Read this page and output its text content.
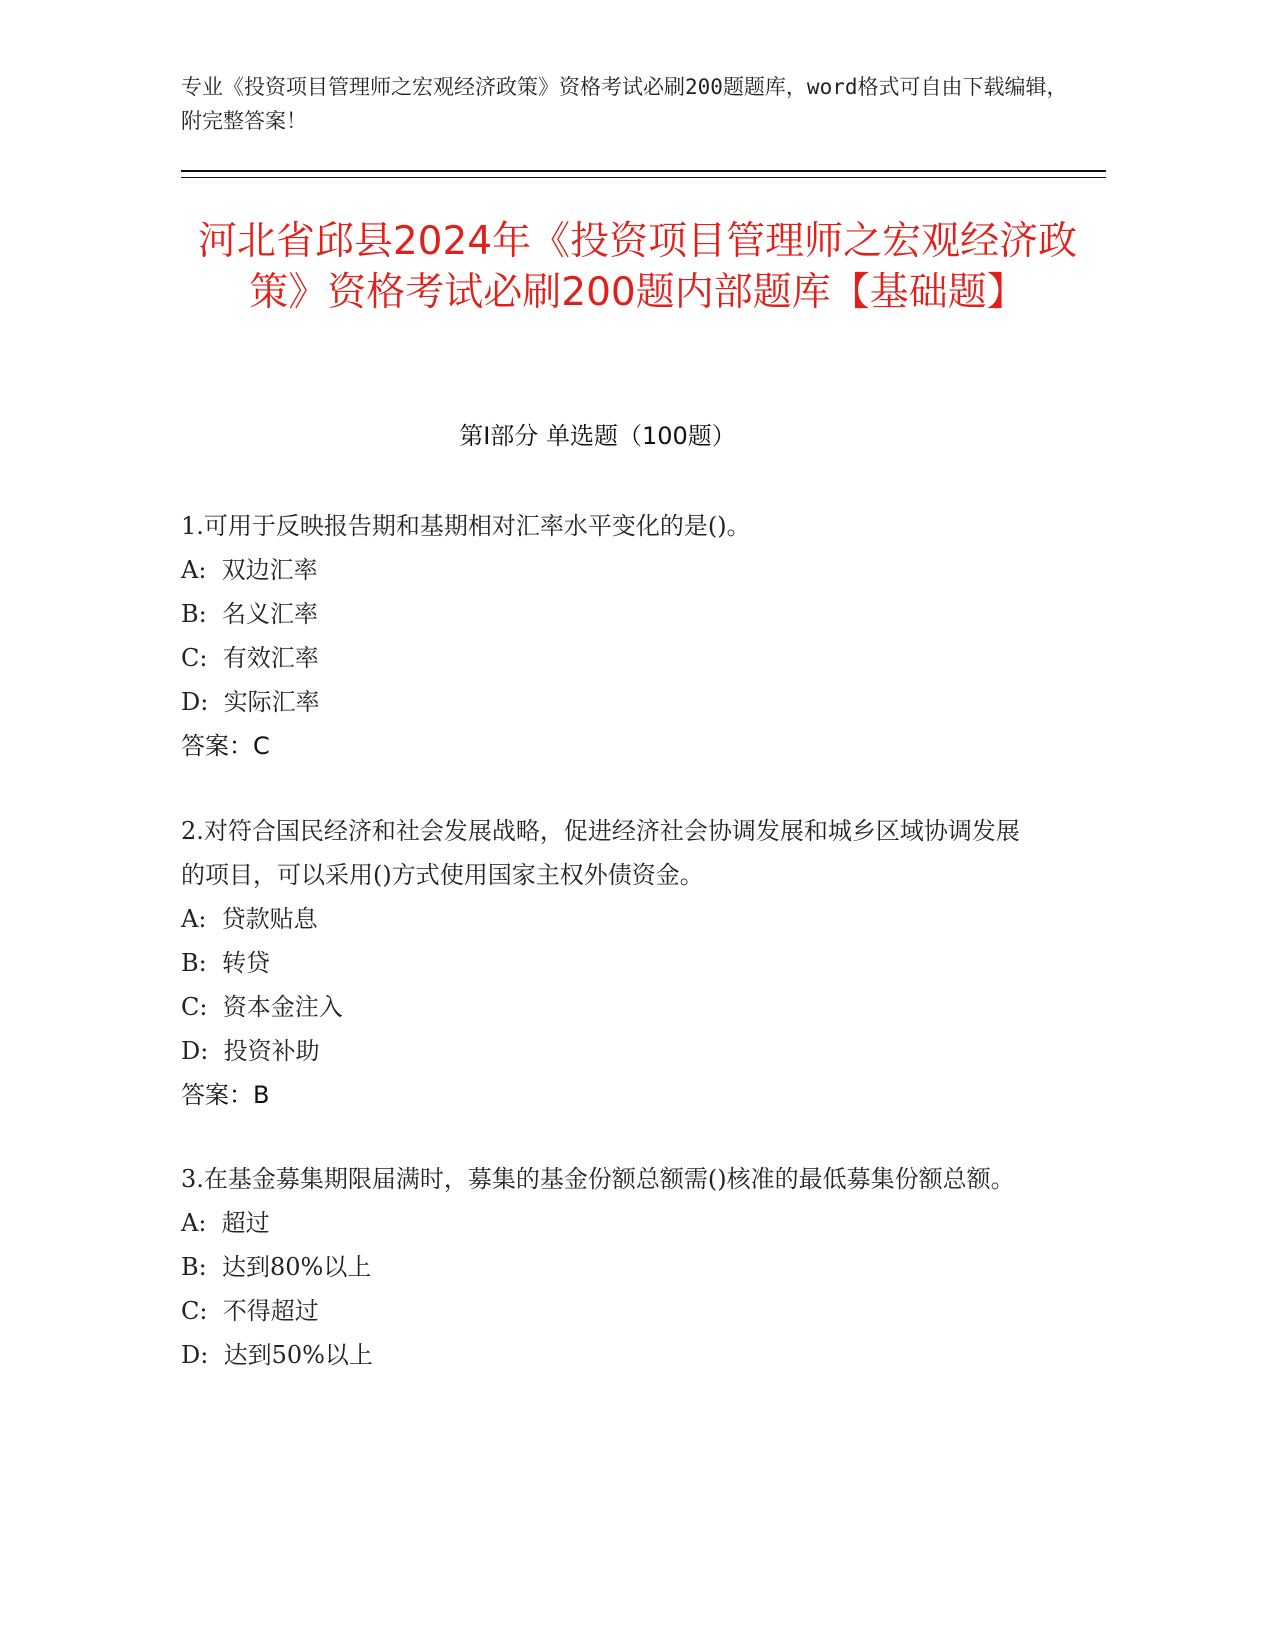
专业《投资项目管理师之宏观经济政策》资格考试必刷200题题库，word格式可自由下载编辑，附完整答案！
河北省邱县2024年《投资项目管理师之宏观经济政策》资格考试必刷200题内部题库【基础题】
第Ⅰ部分 单选题（100题）

1.可用于反映报告期和基期相对汇率水平变化的是()。

A:  双边汇率

B:  名义汇率

C:  有效汇率

D:  实际汇率

答案：C

2.对符合国民经济和社会发展战略，促进经济社会协调发展和城乡区域协调发展的项目，可以采用()方式使用国家主权外债资金。

A:  贷款贴息

B:  转贷

C:  资本金注入

D:  投资补助

答案：B

3.在基金募集期限届满时，募集的基金份额总额需()核准的最低募集份额总额。

A:  超过

B:  达到80%以上

C:  不得超过

D:  达到50%以上
